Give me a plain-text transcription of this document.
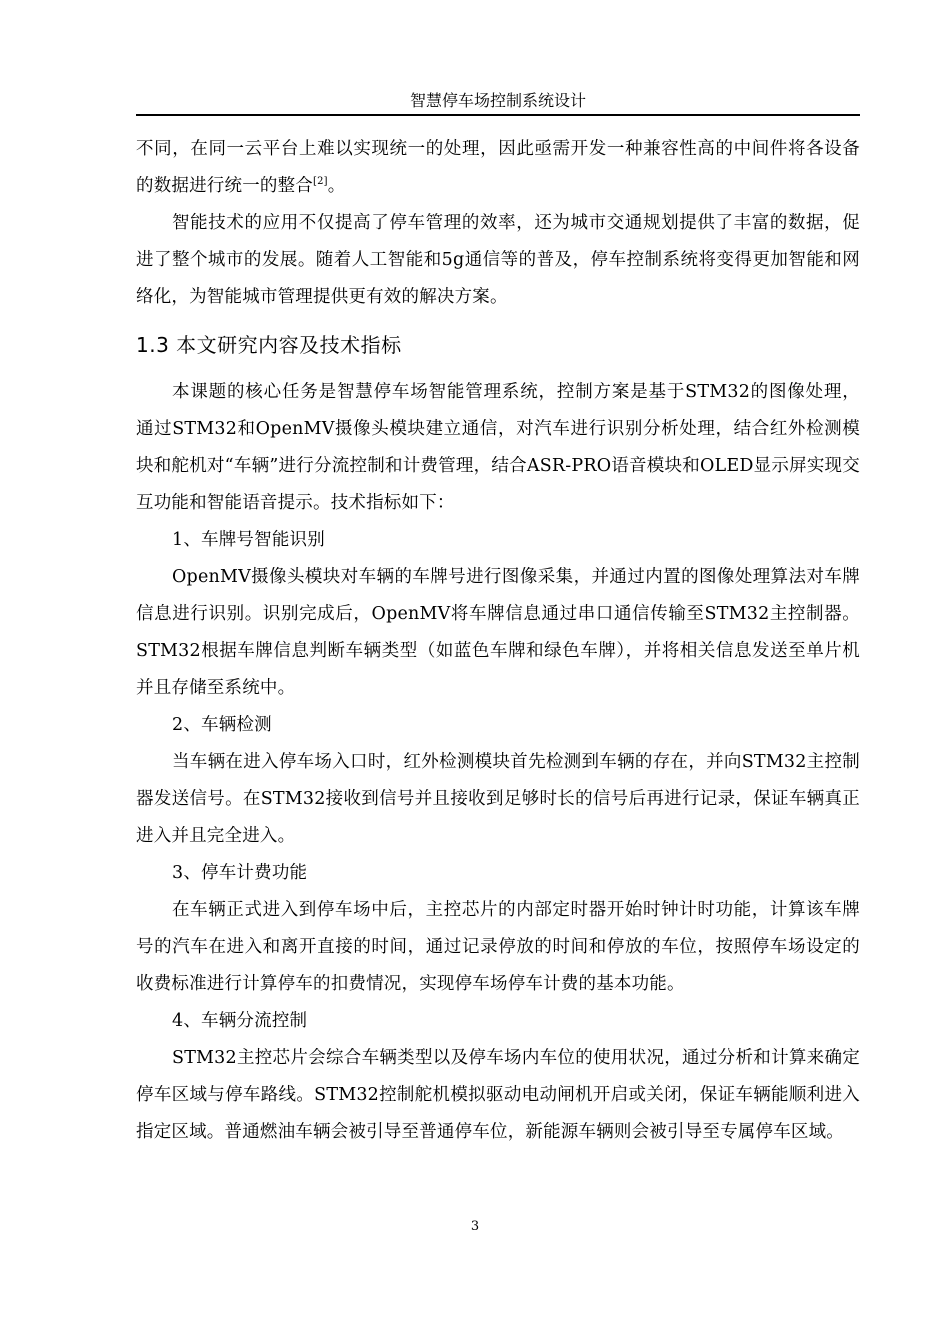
智慧停车场控制系统设计

不同，在同一云平台上难以实现统一的处理，因此亟需开发一种兼容性高的中间件将各设备的数据进行统一的整合[2]。

智能技术的应用不仅提高了停车管理的效率，还为城市交通规划提供了丰富的数据，促进了整个城市的发展。随着人工智能和5g通信等的普及，停车控制系统将变得更加智能和网络化，为智能城市管理提供更有效的解决方案。

1.3 本文研究内容及技术指标

本课题的核心任务是智慧停车场智能管理系统，控制方案是基于STM32的图像处理， 通过STM32和OpenMV摄像头模块建立通信，对汽车进行识别分析处理，结合红外检测模块和舵机对“车辆”进行分流控制和计费管理，结合ASR-PRO语音模块和OLED显示屏实现交互功能和智能语音提示。技术指标如下：

1、车牌号智能识别

OpenMV摄像头模块对车辆的车牌号进行图像采集，并通过内置的图像处理算法对车牌信息进行识别。识别完成后，OpenMV将车牌信息通过串口通信传输至STM32主控制器。STM32根据车牌信息判断车辆类型（如蓝色车牌和绿色车牌），并将相关信息发送至单片机并且存储至系统中。

2、车辆检测

当车辆在进入停车场入口时，红外检测模块首先检测到车辆的存在，并向STM32主控制器发送信号。在STM32接收到信号并且接收到足够时长的信号后再进行记录，保证车辆真正进入并且完全进入。

3、停车计费功能

在车辆正式进入到停车场中后，主控芯片的内部定时器开始时钟计时功能，计算该车牌号的汽车在进入和离开直接的时间，通过记录停放的时间和停放的车位，按照停车场设定的收费标准进行计算停车的扣费情况，实现停车场停车计费的基本功能。

4、车辆分流控制

STM32主控芯片会综合车辆类型以及停车场内车位的使用状况，通过分析和计算来确定停车区域与停车路线。STM32控制舵机模拟驱动电动闸机开启或关闭，保证车辆能顺利进入指定区域。普通燃油车辆会被引导至普通停车位，新能源车辆则会被引导至专属停车区域。

3
